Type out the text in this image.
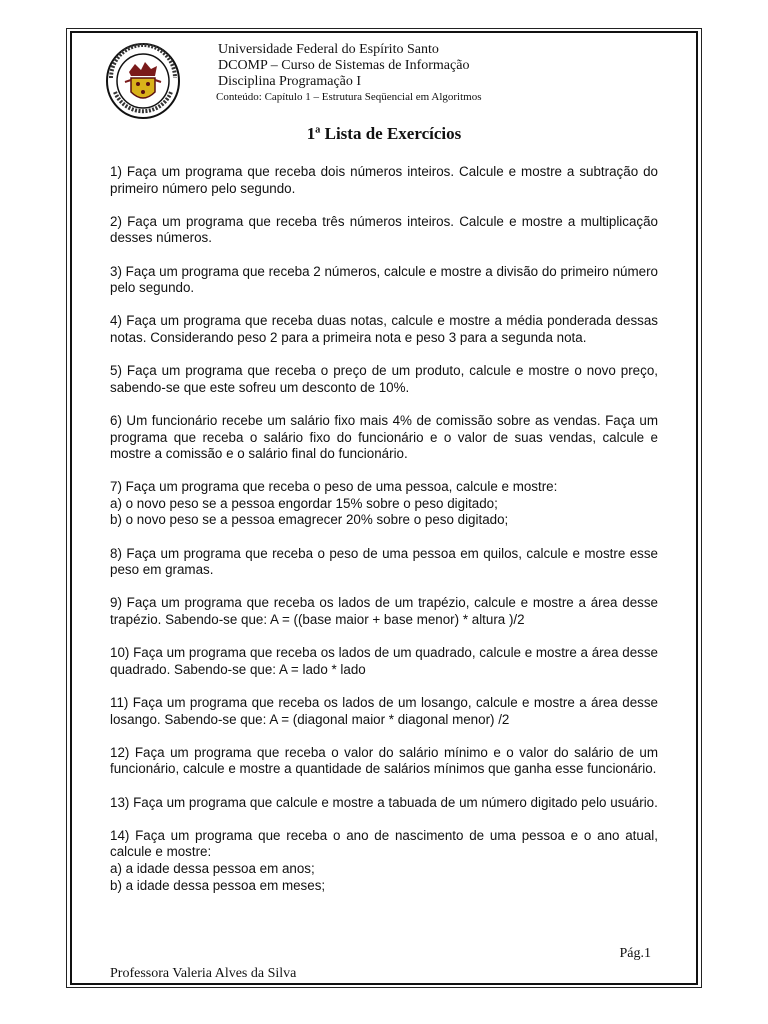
Universidade Federal do Espírito Santo
DCOMP – Curso de Sistemas de Informação
Disciplina Programação I
Conteúdo: Capítulo 1 – Estrutura Seqüencial em Algoritmos
1ª Lista de Exercícios
1) Faça um programa que receba dois números inteiros. Calcule e mostre a subtração do primeiro número pelo segundo.
2) Faça um programa que receba três números inteiros. Calcule e mostre a multiplicação desses números.
3) Faça um programa que receba 2 números, calcule e mostre a divisão do primeiro número pelo segundo.
4) Faça um programa que receba duas notas, calcule e mostre a média ponderada dessas notas. Considerando peso 2 para a primeira nota e peso 3 para a segunda nota.
5) Faça um programa que receba o preço de um produto, calcule e mostre o novo preço, sabendo-se que este sofreu um desconto de 10%.
6) Um funcionário recebe um salário fixo mais 4% de comissão sobre as vendas. Faça um programa que receba o salário fixo do funcionário e o valor de suas vendas, calcule e mostre a comissão e o salário final do funcionário.
7) Faça um programa que receba o peso de uma pessoa, calcule e mostre:
a) o novo peso se a pessoa engordar 15% sobre o peso digitado;
b) o novo peso se a pessoa emagrecer 20% sobre o peso digitado;
8) Faça um programa que receba o peso de uma pessoa em quilos, calcule e mostre esse peso em gramas.
9) Faça um programa que receba os lados de um trapézio, calcule e mostre a área desse trapézio. Sabendo-se que: A = ((base maior + base menor) * altura )/2
10) Faça um programa que receba os lados de um quadrado, calcule e mostre a área desse quadrado. Sabendo-se que: A = lado * lado
11) Faça um programa que receba os lados de um losango, calcule e mostre a área desse losango. Sabendo-se que: A = (diagonal maior * diagonal menor) /2
12) Faça um programa que receba o valor do salário mínimo e o valor do salário de um funcionário, calcule e mostre a quantidade de salários mínimos que ganha esse funcionário.
13) Faça um programa que calcule e mostre a tabuada de um número digitado pelo usuário.
14) Faça um programa que receba o ano de nascimento de uma pessoa e o ano atual, calcule e mostre:
a) a idade dessa pessoa em anos;
b) a idade dessa pessoa em meses;
Pág.1
Professora Valeria Alves da Silva
